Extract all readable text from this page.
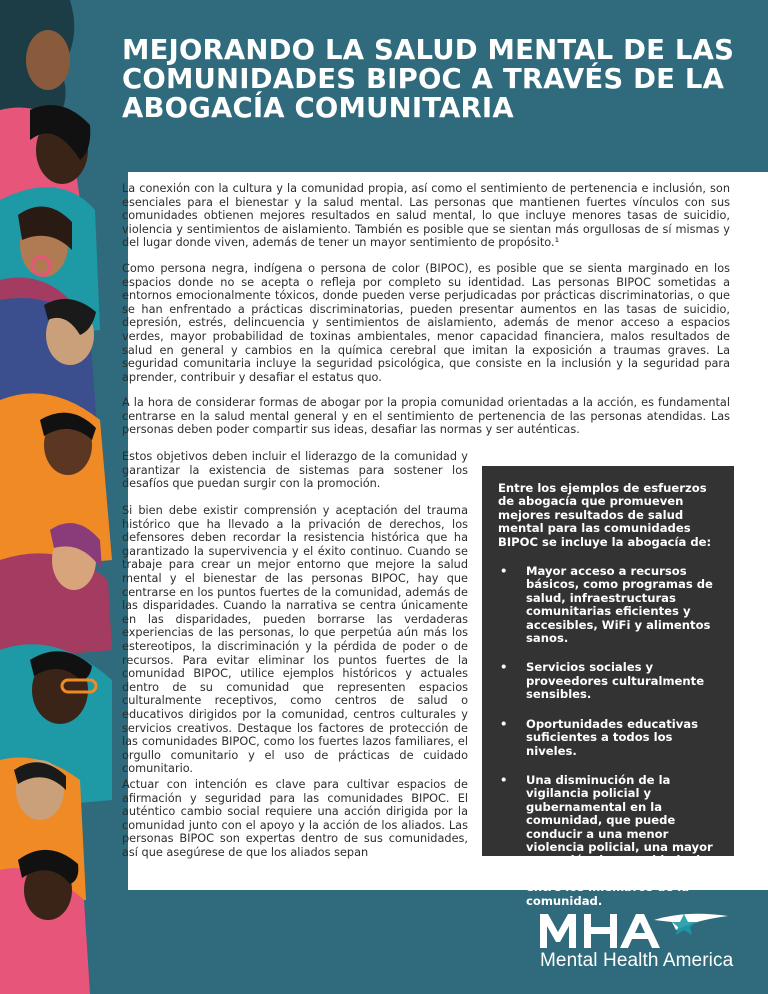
MEJORANDO LA SALUD MENTAL DE LAS COMUNIDADES BIPOC A TRAVÉS DE LA ABOGACÍA COMUNITARIA

La conexión con la cultura y la comunidad propia, así como el sentimiento de pertenencia e inclusión, son esenciales para el bienestar y la salud mental. Las personas que mantienen fuertes vínculos con sus comunidades obtienen mejores resultados en salud mental, lo que incluye menores tasas de suicidio, violencia y sentimientos de aislamiento. También es posible que se sientan más orgullosas de sí mismas y del lugar donde viven, además de tener un mayor sentimiento de propósito.¹

Como persona negra, indígena o persona de color (BIPOC), es posible que se sienta marginado en los espacios donde no se acepta o refleja por completo su identidad. Las personas BIPOC sometidas a entornos emocionalmente tóxicos, donde pueden verse perjudicadas por prácticas discriminatorias, o que se han enfrentado a prácticas discriminatorias, pueden presentar aumentos en las tasas de suicidio, depresión, estrés, delincuencia y sentimientos de aislamiento, además de menor acceso a espacios verdes, mayor probabilidad de toxinas ambientales, menor capacidad financiera, malos resultados de salud en general y cambios en la química cerebral que imitan la exposición a traumas graves. La seguridad comunitaria incluye la seguridad psicológica, que consiste en la inclusión y la seguridad para aprender, contribuir y desafiar el estatus quo.

A la hora de considerar formas de abogar por la propia comunidad orientadas a la acción, es fundamental centrarse en la salud mental general y en el sentimiento de pertenencia de las personas atendidas. Las personas deben poder compartir sus ideas, desafiar las normas y ser auténticas.

Estos objetivos deben incluir el liderazgo de la comunidad y garantizar la existencia de sistemas para sostener los desafíos que puedan surgir con la promoción.

Si bien debe existir comprensión y aceptación del trauma histórico que ha llevado a la privación de derechos, los defensores deben recordar la resistencia histórica que ha garantizado la supervivencia y el éxito continuo. Cuando se trabaje para crear un mejor entorno que mejore la salud mental y el bienestar de las personas BIPOC, hay que centrarse en los puntos fuertes de la comunidad, además de las disparidades. Cuando la narrativa se centra únicamente en las disparidades, pueden borrarse las verdaderas experiencias de las personas, lo que perpetúa aún más los estereotipos, la discriminación y la pérdida de poder o de recursos. Para evitar eliminar los puntos fuertes de la comunidad BIPOC, utilice ejemplos históricos y actuales dentro de su comunidad que representen espacios culturalmente receptivos, como centros de salud o educativos dirigidos por la comunidad, centros culturales y servicios creativos. Destaque los factores de protección de las comunidades BIPOC, como los fuertes lazos familiares, el orgullo comunitario y el uso de prácticas de cuidado comunitario.

Actuar con intención es clave para cultivar espacios de afirmación y seguridad para las comunidades BIPOC. El auténtico cambio social requiere una acción dirigida por la comunidad junto con el apoyo y la acción de los aliados. Las personas BIPOC son expertas dentro de sus comunidades, así que asegúrese de que los aliados sepan

Entre los ejemplos de esfuerzos de abogacía que promueven mejores resultados de salud mental para las comunidades BIPOC se incluye la abogacía de:

• Mayor acceso a recursos básicos, como programas de salud, infraestructuras comunitarias eficientes y accesibles, WiFi y alimentos sanos.
• Servicios sociales y proveedores culturalmente sensibles.
• Oportunidades educativas suficientes a todos los niveles.
• Una disminución de la vigilancia policial y gubernamental en la comunidad, que puede conducir a una menor violencia policial, una mayor sensación de seguridad y la recuperación de la confianza entre los miembros de la comunidad.
Mental Health America
